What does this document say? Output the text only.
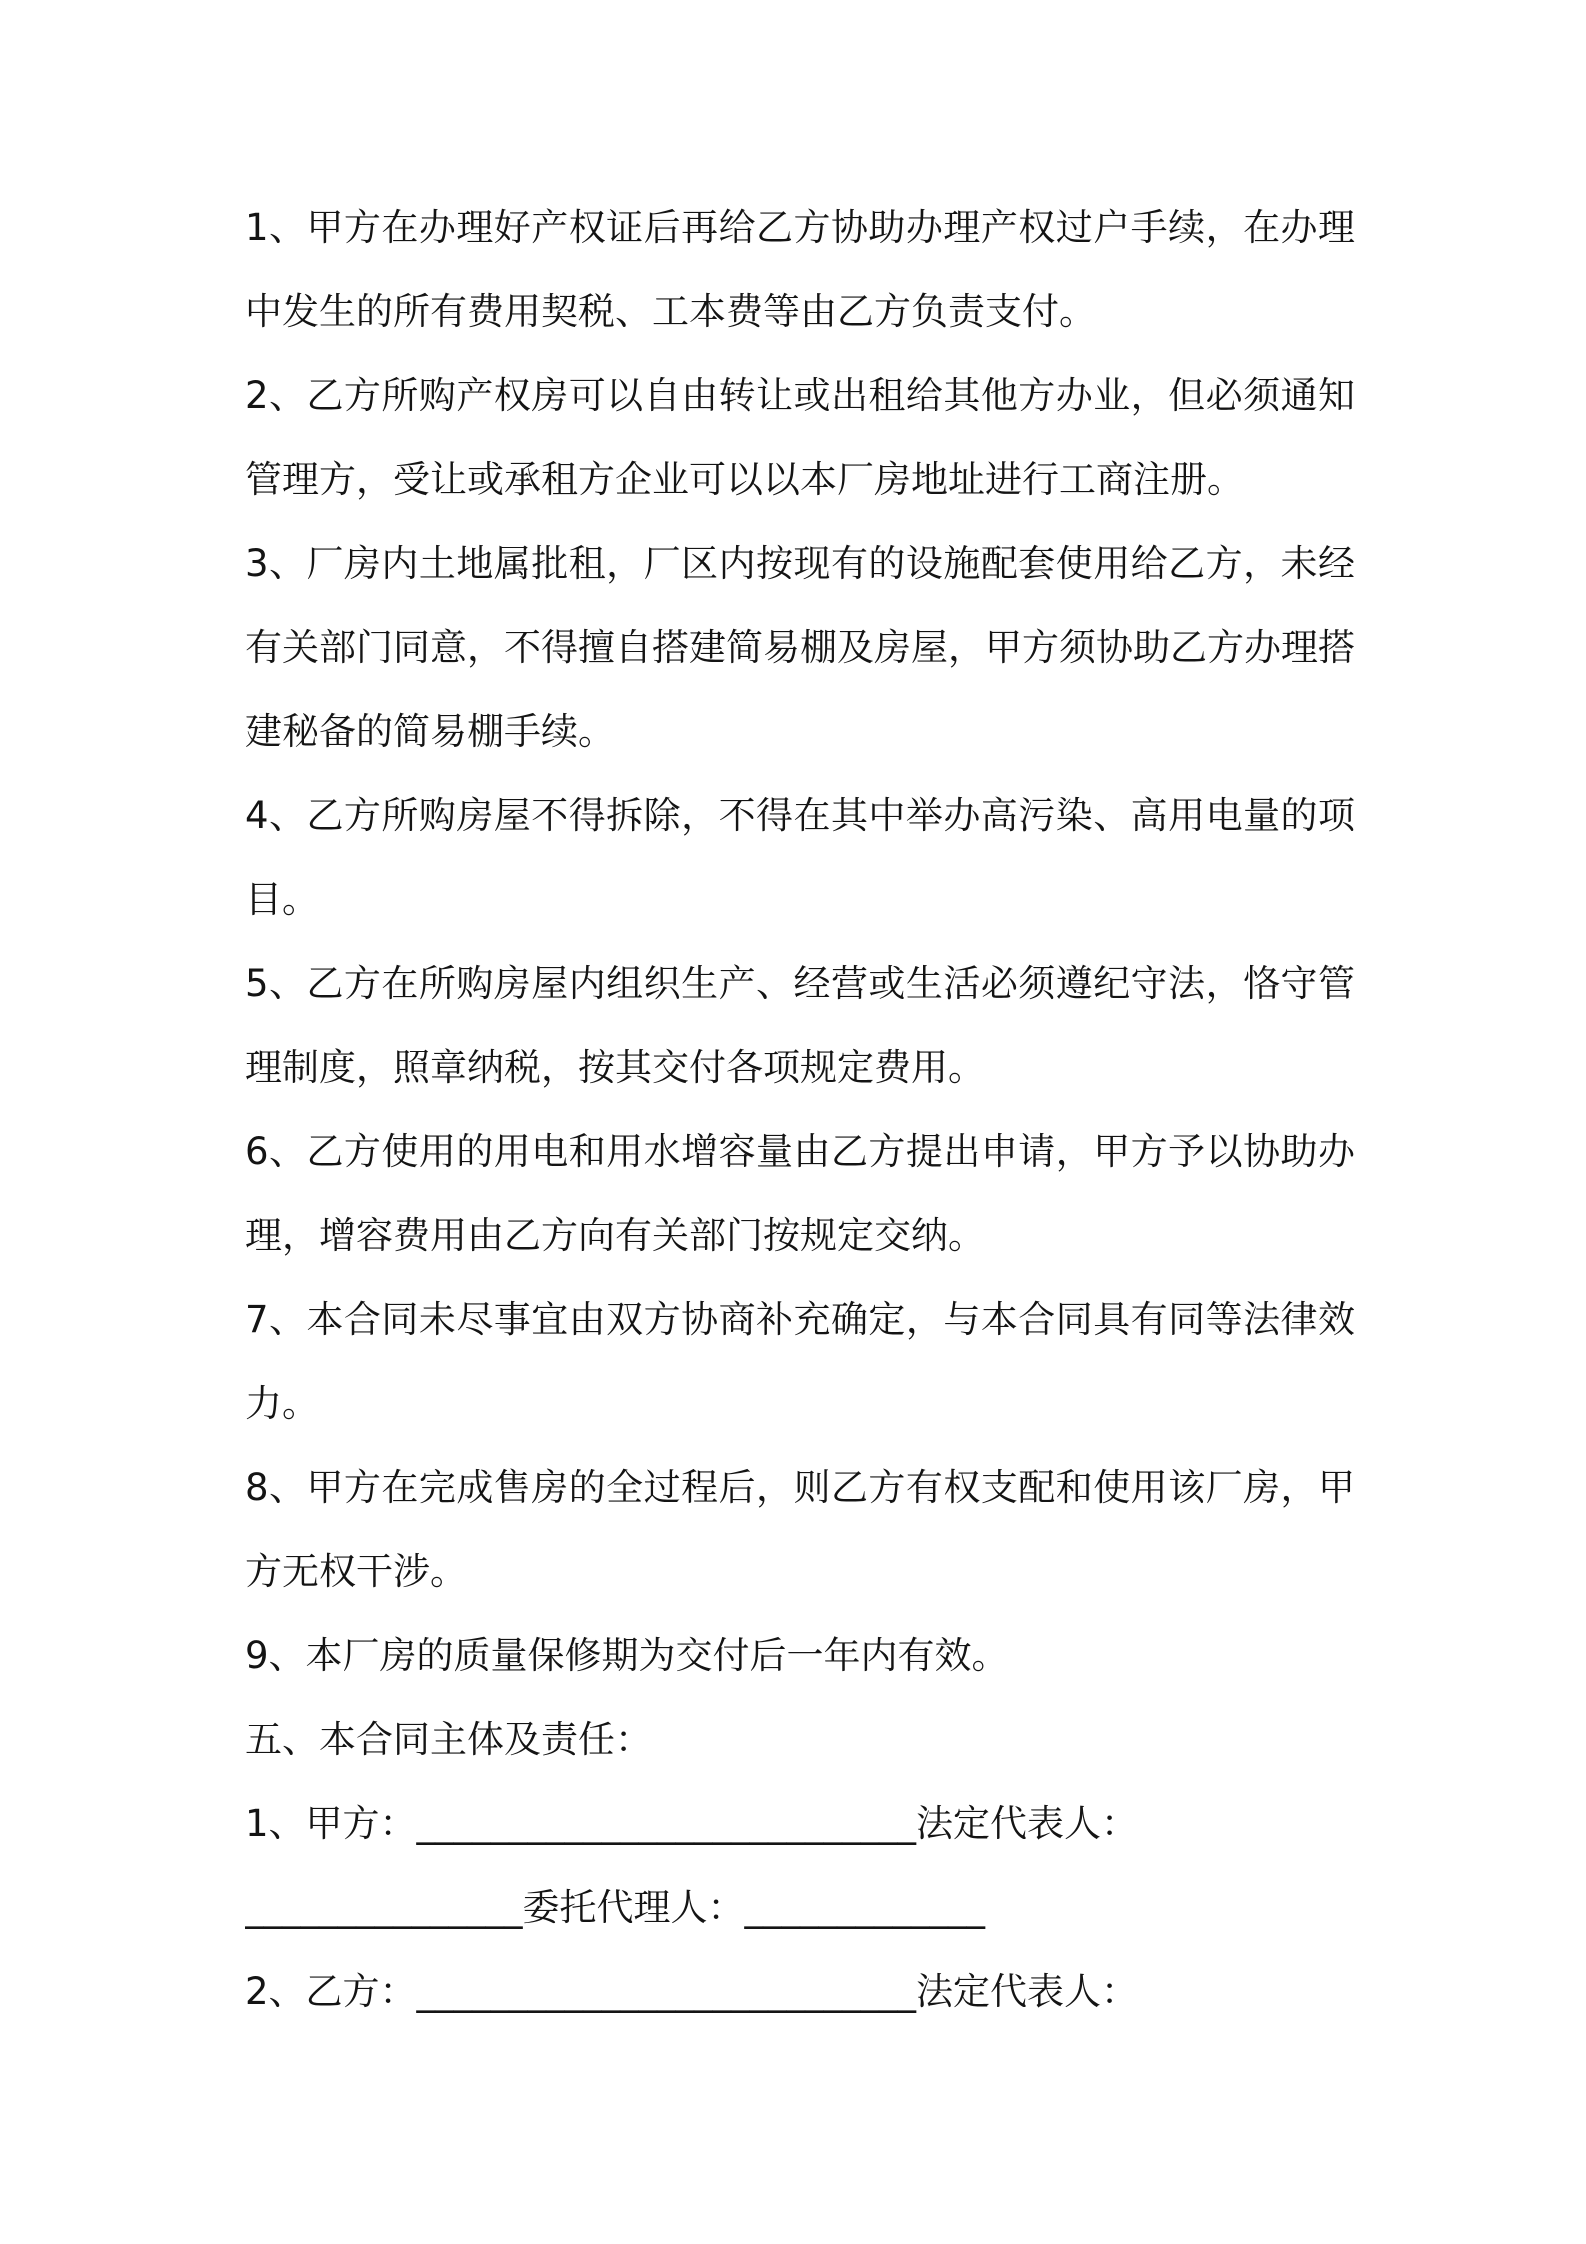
1、甲方在办理好产权证后再给乙方协助办理产权过户手续，在办理
中发生的所有费用契税、工本费等由乙方负责支付。
2、乙方所购产权房可以自由转让或出租给其他方办业，但必须通知
管理方，受让或承租方企业可以以本厂房地址进行工商注册。
3、厂房内土地属批租，厂区内按现有的设施配套使用给乙方，未经
有关部门同意，不得擅自搭建简易棚及房屋，甲方须协助乙方办理搭
建秘备的简易棚手续。
4、乙方所购房屋不得拆除，不得在其中举办高污染、高用电量的项
目。
5、乙方在所购房屋内组织生产、经营或生活必须遵纪守法，恪守管
理制度，照章纳税，按其交付各项规定费用。
6、乙方使用的用电和用水增容量由乙方提出申请，甲方予以协助办
理，增容费用由乙方向有关部门按规定交纳。
7、本合同未尽事宜由双方协商补充确定，与本合同具有同等法律效
力。
8、甲方在完成售房的全过程后，则乙方有权支配和使用该厂房，甲
方无权干涉。
9、本厂房的质量保修期为交付后一年内有效。
五、本合同主体及责任：
1、甲方：___________________________法定代表人：
_______________委托代理人：_____________
2、乙方：___________________________法定代表人：
